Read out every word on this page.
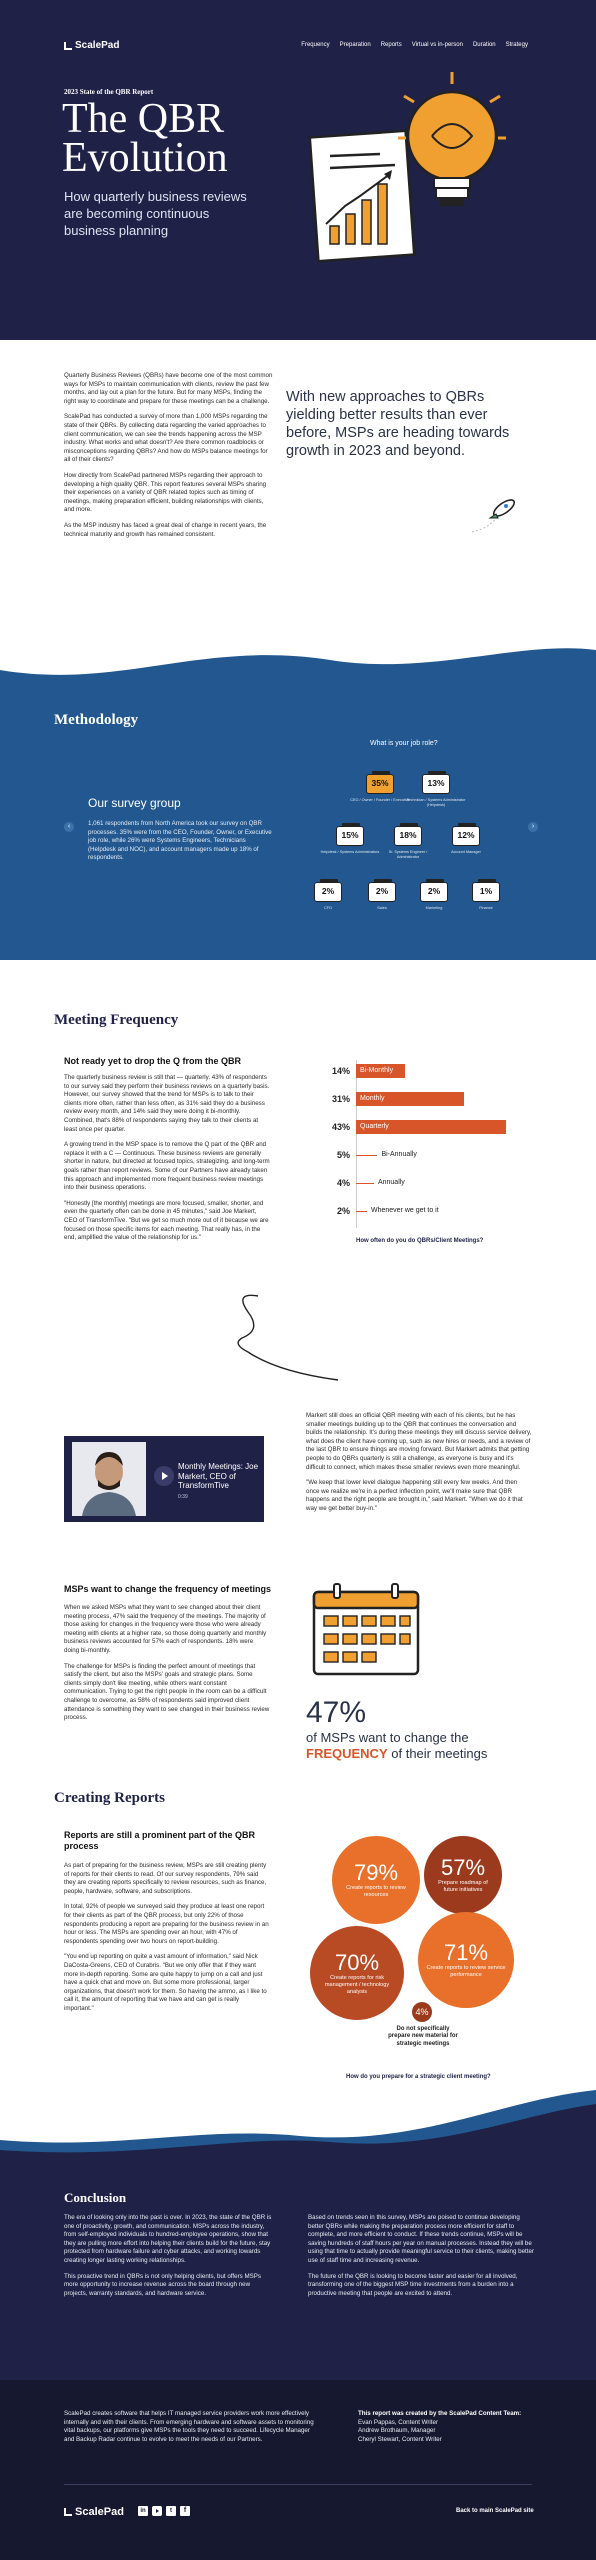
ScalePad	Frequency Preparation Reports Virtual vs in-person Duration Strategy
2023 State of the QBR Report
The QBR
Evolution
How quarterly business reviews are becoming continuous business planning

Quarterly Business Reviews (QBRs) have become one of the most common ways for MSPs to maintain communication with clients, review the past few months, and lay out a plan for the future. But for many MSPs, finding the right way to coordinate and prepare for these meetings can be a challenge.

ScalePad has conducted a survey of more than 1,000 MSPs regarding the state of their QBRs. By collecting data regarding the varied approaches to client communication, we can see the trends happening across the MSP industry. What works and what doesn't? Are there common roadblocks or misconceptions regarding QBRs? And how do MSPs balance meetings for all of their clients?

How directly from ScalePad partnered MSPs regarding their approach to developing a high quality QBR. This report features several MSPs sharing their experiences on a variety of QBR related topics such as timing of meetings, making preparation efficient, building relationships with clients, and more.

As the MSP industry has faced a great deal of change in recent years, the technical maturity and growth has remained consistent.

With new approaches to QBRs yielding better results than ever before, MSPs are heading towards growth in 2023 and beyond.
Methodology
Our survey group
1,061 respondents from North America took our survey on QBR processes. 35% were from the CEO, Founder, Owner, or Executive job role, while 26% were Systems Engineers, Technicians (Helpdesk and NOC), and account managers made up 18% of respondents.
What is your job role?
‹	›
35%
CEO / Owner / Founder / Executive
13%
Technician / Systems Administrator (Helpdesk)
15%
Helpdesk / Systems Administrators
18%
Sr. Systems Engineer / Administrator
12%
Account Manager
2%
CFO
2%
Sales
2%
Marketing
1%
Finance
Meeting Frequency
Not ready yet to drop the Q from the QBR

The quarterly business review is still that — quarterly. 43% of respondents to our survey said they perform their business reviews on a quarterly basis. However, our survey showed that the trend for MSPs is to talk to their clients more often, rather than less often, as 31% said they do a business review every month, and 14% said they were doing it bi-monthly. Combined, that's 88% of respondents saying they talk to their clients at least once per quarter.

A growing trend in the MSP space is to remove the Q part of the QBR and replace it with a C — Continuous. These business reviews are generally shorter in nature, but directed at focused topics, strategizing, and long-term goals rather than report reviews. Some of our Partners have already taken this approach and implemented more frequent business review meetings into their business operations.

"Honestly [the monthly] meetings are more focused, smaller, shorter, and even the quarterly often can be done in 45 minutes," said Joe Markert, CEO of TransformTive. "But we get so much more out of it because we are focused on those specific items for each meeting. That really has, in the end, amplified the value of the relationship for us."

14%	Bi-Monthly
31%	Monthly
43%	Quarterly
5%	Bi-Annually
4%	Annually
2%	Whenever we get to it
How often do you do QBRs/Client Meetings?
Monthly Meetings: Joe Markert, CEO of TransformTive
0:39

Markert still does an official QBR meeting with each of his clients, but he has smaller meetings building up to the QBR that continues the conversation and builds the relationship. It's during these meetings they will discuss service delivery, what does the client have coming up, such as new hires or needs, and a review of the last QBR to ensure things are moving forward. But Markert admits that getting people to do QBRs quarterly is still a challenge, as everyone is busy and it's difficult to connect, which makes these smaller reviews even more meaningful.

"We keep that lower level dialogue happening still every few weeks. And then once we realize we're in a perfect inflection point, we'll make sure that QBR happens and the right people are brought in," said Markert. "When we do it that way we get better buy-in."

MSPs want to change the frequency of meetings

When we asked MSPs what they want to see changed about their client meeting process, 47% said the frequency of the meetings. The majority of those asking for changes in the frequency were those who were already meeting with clients at a higher rate, so those doing quarterly and monthly business reviews accounted for 57% each of respondents. 18% were doing bi-monthly.

The challenge for MSPs is finding the perfect amount of meetings that satisfy the client, but also the MSPs' goals and strategic plans. Some clients simply don't like meeting, while others want constant communication. Trying to get the right people in the room can be a difficult challenge to overcome, as 58% of respondents said improved client attendance is something they want to see changed in their business review process.	47%
of MSPs want to change the
FREQUENCY of their meetings
Creating Reports
Reports are still a prominent part of the QBR process

As part of preparing for the business review, MSPs are still creating plenty of reports for their clients to read. Of our survey respondents, 79% said they are creating reports specifically to review resources, such as finance, people, hardware, software, and subscriptions.

In total, 92% of people we surveyed said they produce at least one report for their clients as part of the QBR process, but only 22% of those respondents producing a report are preparing for the business review in an hour or less. The MSPs are spending over an hour, with 47% of respondents spending over two hours on report-building.

"You end up reporting on quite a vast amount of information," said Nick DaCosta-Greens, CEO of Curabris. "But we only offer that if they want more in-depth reporting. Some are quite happy to jump on a call and just have a quick chat and move on. But some more professional, larger organizations, that doesn't work for them. So having the ammo, as I like to call it, the amount of reporting that we have and can get is really important."

79%
Create reports to review resources
57%
Prepare roadmap of future initiatives
70%
Create reports for risk management / technology analysis
71%
Create reports to review service performance
4%
Do not specifically prepare new material for strategic meetings
How do you prepare for a strategic client meeting?
Conclusion

The era of looking only into the past is over. In 2023, the state of the QBR is one of proactivity, growth, and communication. MSPs across the industry, from self-employed individuals to hundred-employee operations, show that they are pulling more effort into helping their clients build for the future, stay protected from hardware failure and cyber attacks, and working towards creating longer lasting working relationships.

This proactive trend in QBRs is not only helping clients, but offers MSPs more opportunity to increase revenue across the board through new projects, warranty standards, and hardware service.

Based on trends seen in this survey, MSPs are poised to continue developing better QBRs while making the preparation process more efficient for staff to complete, and more efficient to conduct. If these trends continue, MSPs will be saving hundreds of staff hours per year on manual processes. Instead they will be using that time to actually provide meaningful service to their clients, making better use of staff time and increasing revenue.

The future of the QBR is looking to become faster and easier for all involved, transforming one of the biggest MSP time investments from a burden into a productive meeting that people are excited to attend.

ScalePad creates software that helps IT managed service providers work more effectively internally and with their clients. From emerging hardware and software assets to monitoring vital backups, our platforms give MSPs the tools they need to succeed. Lifecycle Manager and Backup Radar continue to evolve to meet the needs of our Partners.
This report was created by the ScalePad Content Team:
Evan Pappas, Content Writer
Andrew Brothaum, Manager
Cheryl Stewart, Content Writer
ScalePad	in	t	f	Back to main ScalePad site
